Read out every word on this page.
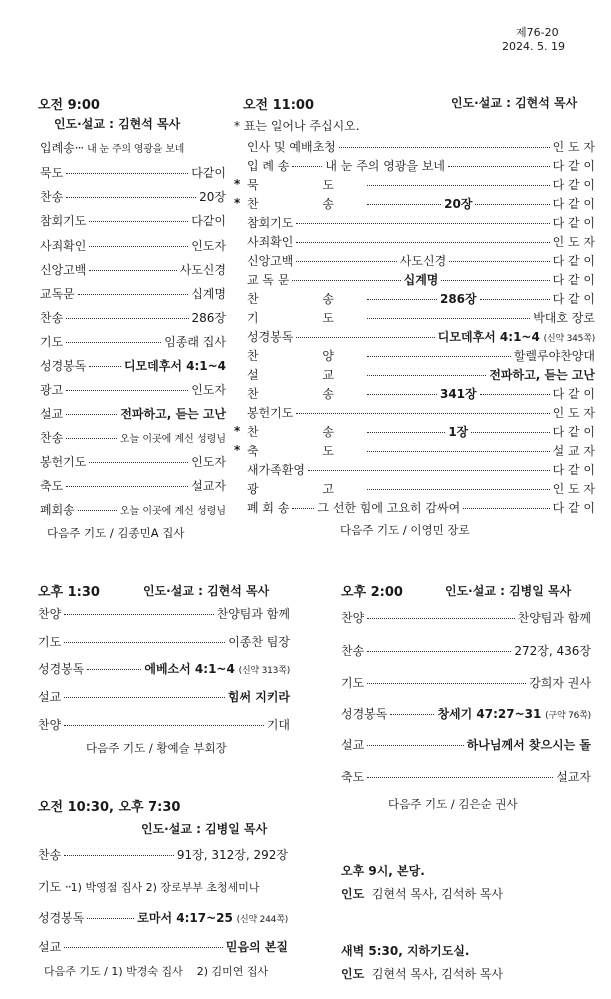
제76-20
2024. 5. 19
오전 9:00
인도·설교 : 김현석 목사
입례송 ···
내 눈 주의 영광을 보네
묵도	다같이
찬송	20장
참회기도	다같이
사죄확인	인도자
신앙고백	사도신경
교독문	십계명
찬송	286장
기도	임종래 집사
성경봉독	디모데후서 4:1~4
광고	인도자
설교	전파하고, 듣는 고난
찬송	오늘 이곳에 계신 성령님
봉헌기도	인도자
축도	설교자
폐회송	오늘 이곳에 계신 성령님
다음주 기도 / 김종민A 집사
오전 11:00	인도·설교 : 김현석 목사
* 표는 일어나 주십시오.
*
*
*
*
인사 및 예배초청	인 도 자
입 례 송	내 눈 주의 영광을 보네	다 같 이
묵 도	다 같 이
찬 송	20장	다 같 이
참회기도	다 같 이
사죄확인	인 도 자
신앙고백	사도신경	다 같 이
교 독 문	십계명	다 같 이
찬 송	286장	다 같 이
기 도	박대호 장로
성경봉독	디모데후서 4:1~4
(신약 345쪽)
찬 양	할렐루야찬양대
설 교	전파하고, 듣는 고난
찬 송	341장	다 같 이
봉헌기도	인 도 자
찬 송	1장	다 같 이
축 도	설 교 자
새가족환영	다 같 이
광 고	인 도 자
폐 회 송 그 선한 힘에 고요히 감싸여	다 같 이
다음주 기도 / 이영민 장로
오후 1:30	인도·설교 : 김현석 목사
찬양	찬양팀과 함께
기도	이종찬 팀장
성경봉독	에베소서 4:1~4
(신약 313쪽)
설교	힘써 지키라
찬양	기대
다음주 기도 / 황예슬 부회장
오후 2:00	인도·설교 : 김병일 목사
찬양	찬양팀과 함께
찬송	272장, 436장
기도	강희자 권사
성경봉독	창세기 47:27~31
(구약 76쪽)
설교	하나님께서 찾으시는 돌
축도	설교자
다음주 기도 / 김은순 권사
오전 10:30, 오후 7:30
인도·설교 : 김병일 목사
찬송	91장, 312장, 292장
기도
·· 1) 박영점 집사 2) 장로부부 초청세미나
성경봉독	로마서 4:17~25
(신약 244쪽)
설교	믿음의 본질
다음주 기도 / 1) 박경숙 집사    2) 김미연 집사
오후 9시, 본당.
인도 김현석 목사, 김석하 목사
새벽 5:30, 지하기도실.
인도 김현석 목사, 김석하 목사
